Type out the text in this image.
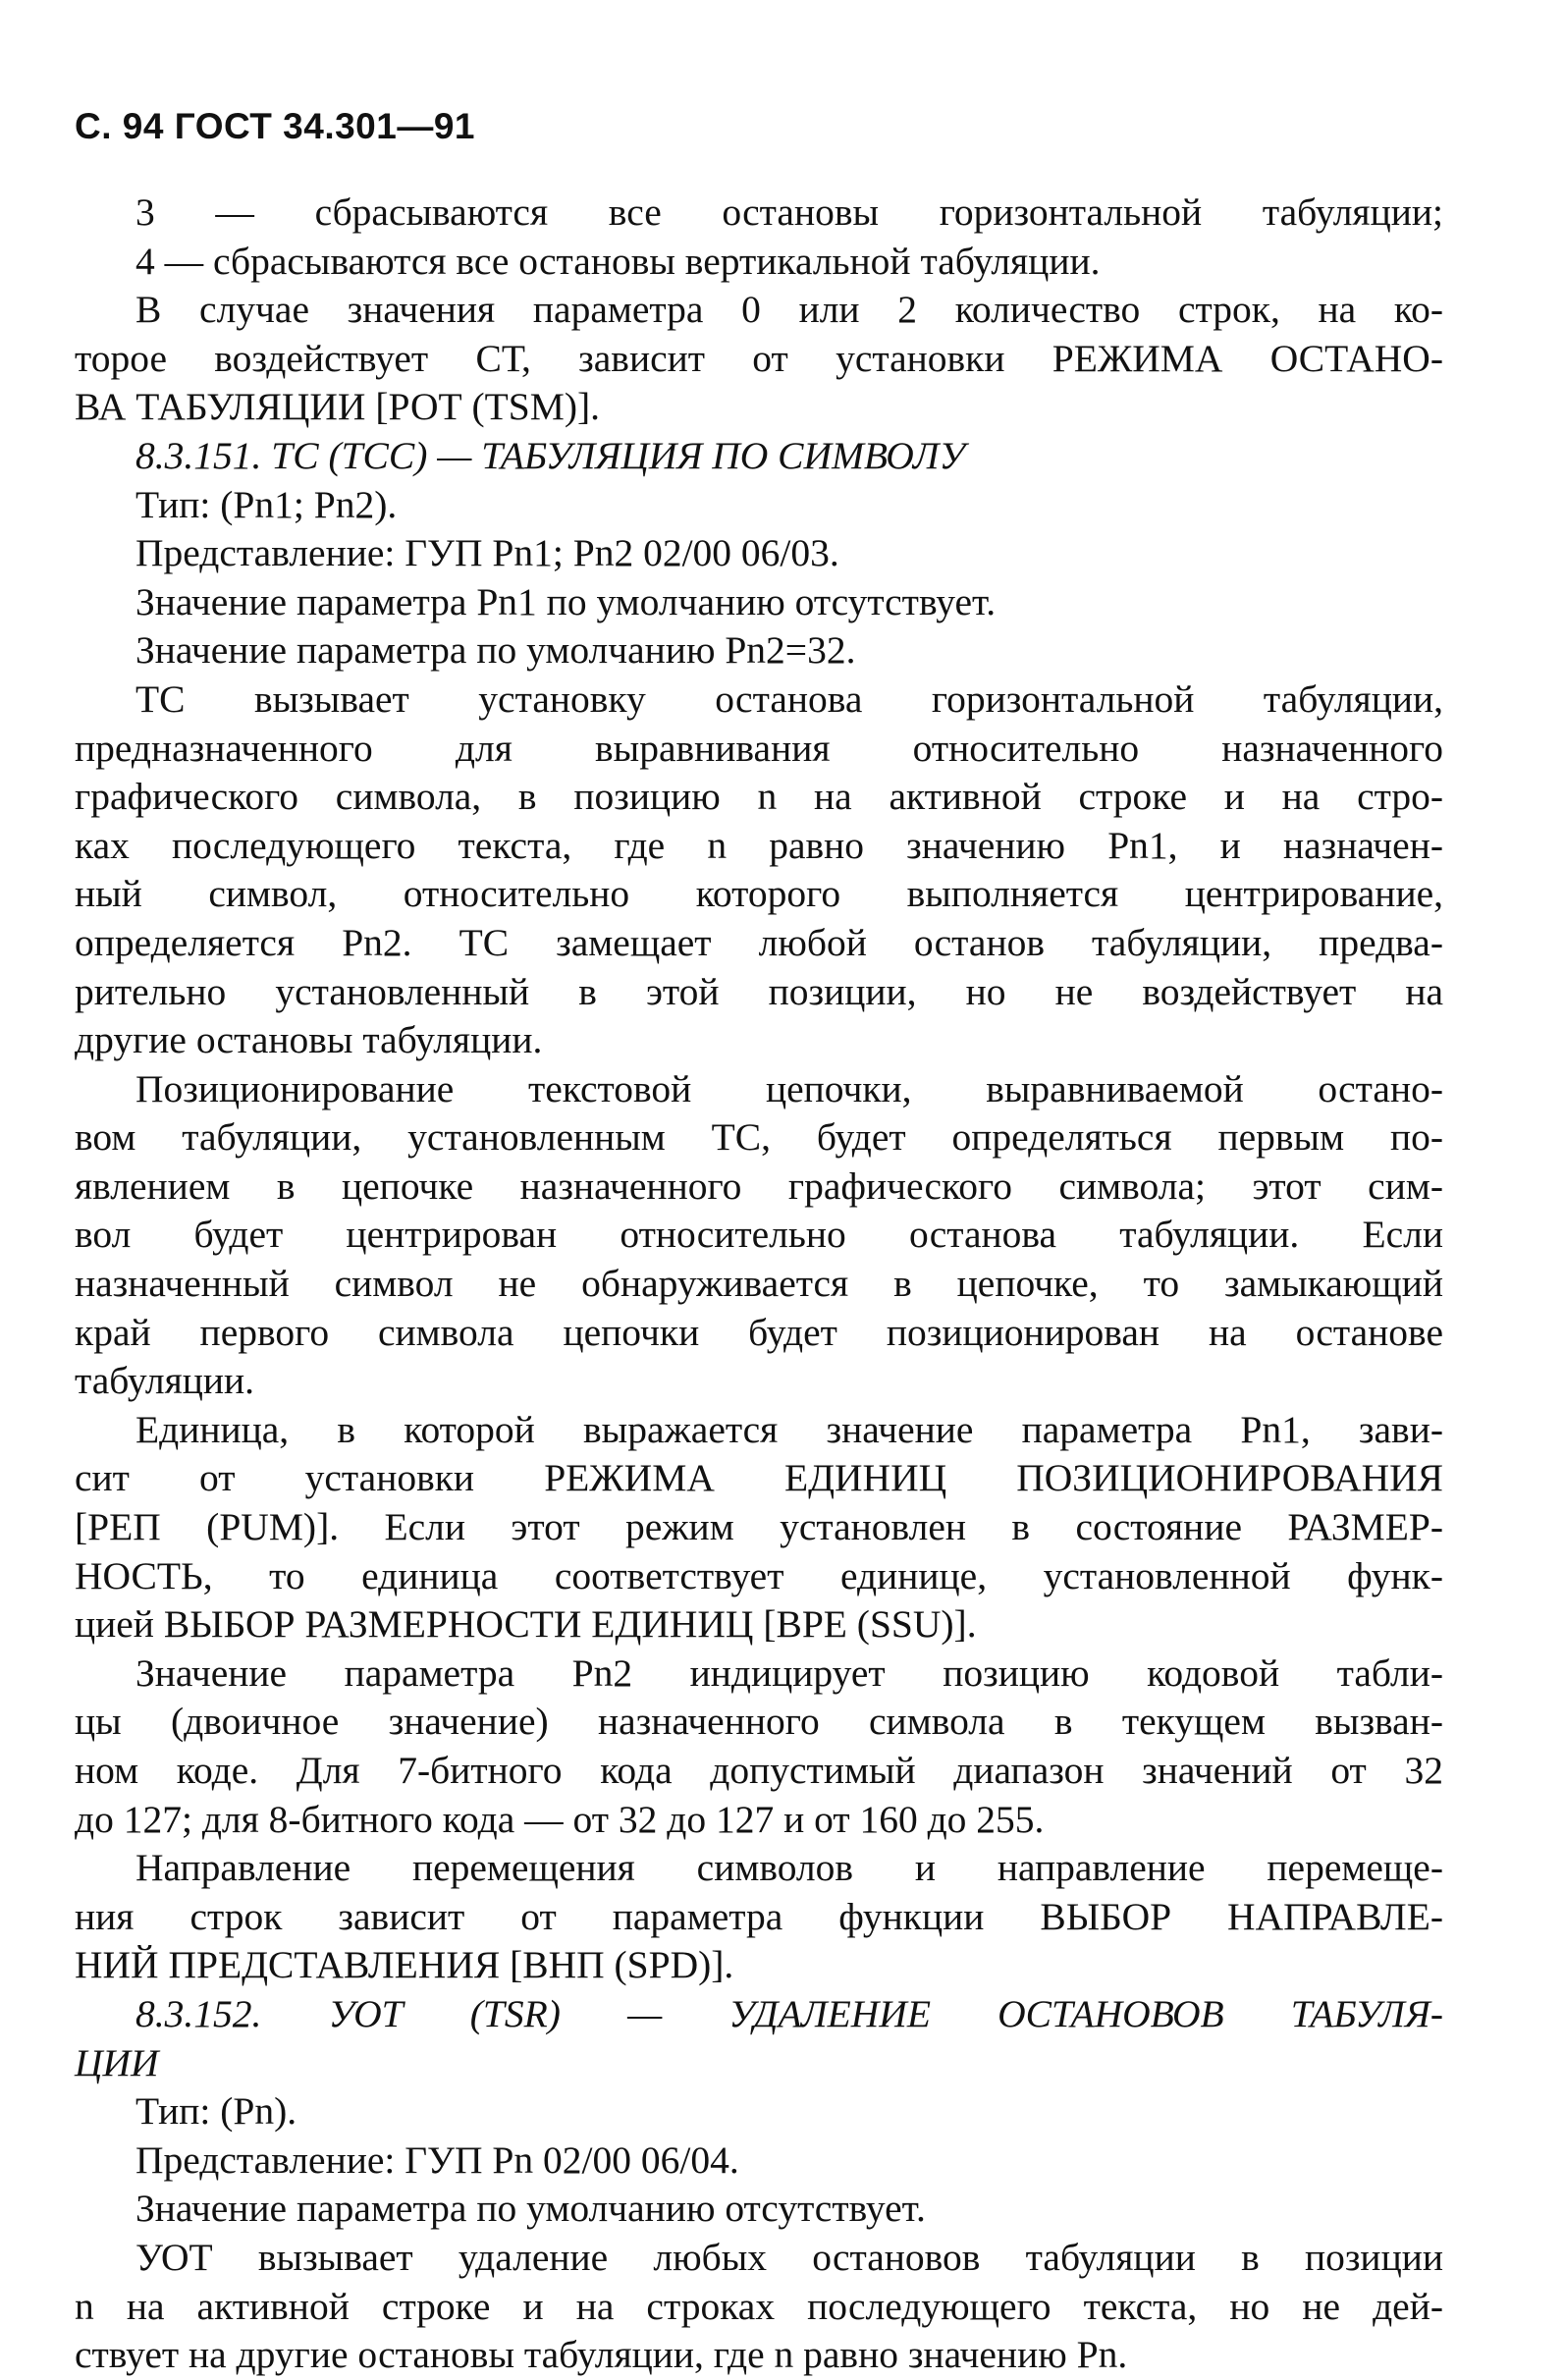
С. 94 ГОСТ 34.301—91
3 — сбрасываются все остановы горизонтальной табуляции;
4 — сбрасываются все остановы вертикальной табуляции.
В случае значения параметра 0 или 2 количество строк, на ко-
торое воздействует СТ, зависит от установки РЕЖИМА ОСТАНО-
ВА ТАБУЛЯЦИИ [РОТ (TSM)].
8.3.151. ТС (ТСС) — ТАБУЛЯЦИЯ ПО СИМВОЛУ
Тип: (Pn1; Pn2).
Представление: ГУП Pn1; Pn2 02/00 06/03.
Значение параметра Pn1 по умолчанию отсутствует.
Значение параметра по умолчанию Pn2=32.
ТС вызывает установку останова горизонтальной табуляции,
предназначенного для выравнивания относительно назначенного
графического символа, в позицию n на активной строке и на стро-
ках последующего текста, где n равно значению Pn1, и назначен-
ный символ, относительно которого выполняется центрирование,
определяется Pn2. ТС замещает любой останов табуляции, предва-
рительно установленный в этой позиции, но не воздействует на
другие остановы табуляции.
Позиционирование текстовой цепочки, выравниваемой остано-
вом табуляции, установленным ТС, будет определяться первым по-
явлением в цепочке назначенного графического символа; этот сим-
вол будет центрирован относительно останова табуляции. Если
назначенный символ не обнаруживается в цепочке, то замыкающий
край первого символа цепочки будет позиционирован на останове
табуляции.
Единица, в которой выражается значение параметра Pn1, зави-
сит от установки РЕЖИМА ЕДИНИЦ ПОЗИЦИОНИРОВАНИЯ
[РЕП (PUM)]. Если этот режим установлен в состояние РАЗМЕР-
НОСТЬ, то единица соответствует единице, установленной функ-
цией ВЫБОР РАЗМЕРНОСТИ ЕДИНИЦ [ВРЕ (SSU)].
Значение параметра Pn2 индицирует позицию кодовой табли-
цы (двоичное значение) назначенного символа в текущем вызван-
ном коде. Для 7-битного кода допустимый диапазон значений от 32
до 127; для 8-битного кода — от 32 до 127 и от 160 до 255.
Направление перемещения символов и направление перемеще-
ния строк зависит от параметра функции ВЫБОР НАПРАВЛЕ-
НИЙ ПРЕДСТАВЛЕНИЯ [ВНП (SPD)].
8.3.152. УОТ (TSR) — УДАЛЕНИЕ ОСТАНОВОВ ТАБУЛЯ-
ЦИИ
Тип: (Pn).
Представление: ГУП Pn 02/00 06/04.
Значение параметра по умолчанию отсутствует.
УОТ вызывает удаление любых остановов табуляции в позиции
n на активной строке и на строках последующего текста, но не дей-
ствует на другие остановы табуляции, где n равно значению Pn.
